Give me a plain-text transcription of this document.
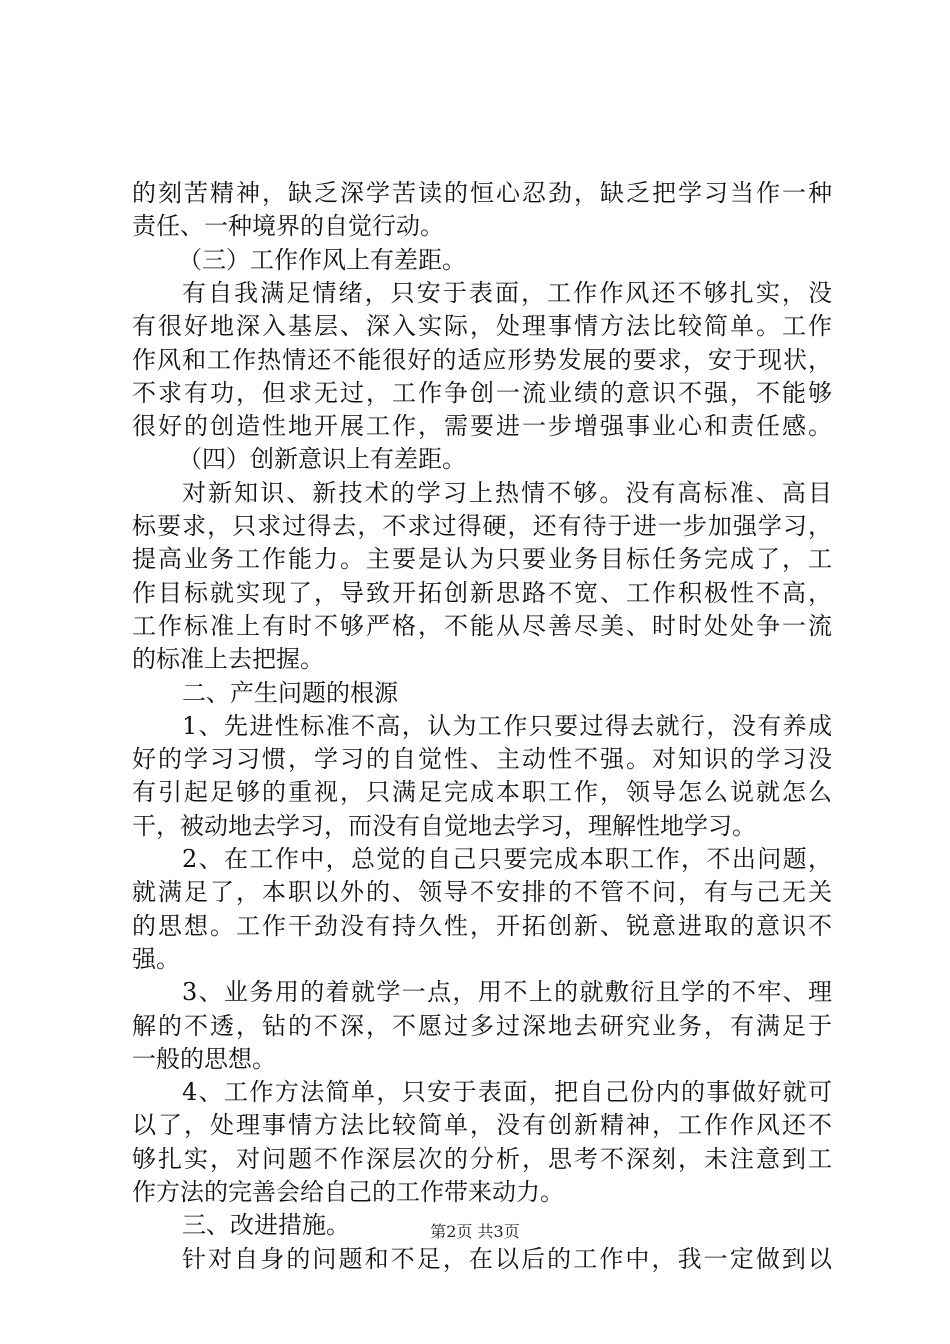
的刻苦精神，缺乏深学苦读的恒心忍劲，缺乏把学习当作一种

责任、一种境界的自觉行动。

（三）工作作风上有差距。

有自我满足情绪，只安于表面，工作作风还不够扎实，没

有很好地深入基层、深入实际，处理事情方法比较简单。工作

作风和工作热情还不能很好的适应形势发展的要求，安于现状，

不求有功，但求无过，工作争创一流业绩的意识不强，不能够

很好的创造性地开展工作，需要进一步增强事业心和责任感。

（四）创新意识上有差距。

对新知识、新技术的学习上热情不够。没有高标准、高目

标要求，只求过得去，不求过得硬，还有待于进一步加强学习，

提高业务工作能力。主要是认为只要业务目标任务完成了，工

作目标就实现了，导致开拓创新思路不宽、工作积极性不高，

工作标准上有时不够严格，不能从尽善尽美、时时处处争一流

的标准上去把握。

二、产生问题的根源

1、先进性标准不高，认为工作只要过得去就行，没有养成

好的学习习惯，学习的自觉性、主动性不强。对知识的学习没

有引起足够的重视，只满足完成本职工作，领导怎么说就怎么

干，被动地去学习，而没有自觉地去学习，理解性地学习。

2、在工作中，总觉的自己只要完成本职工作，不出问题，

就满足了，本职以外的、领导不安排的不管不问，有与己无关

的思想。工作干劲没有持久性，开拓创新、锐意进取的意识不

强。

3、业务用的着就学一点，用不上的就敷衍且学的不牢、理

解的不透，钻的不深，不愿过多过深地去研究业务，有满足于

一般的思想。

4、工作方法简单，只安于表面，把自己份内的事做好就可

以了，处理事情方法比较简单，没有创新精神，工作作风还不

够扎实，对问题不作深层次的分析，思考不深刻，未注意到工

作方法的完善会给自己的工作带来动力。

三、改进措施。

针对自身的问题和不足，在以后的工作中，我一定做到以

第2页 共3页
